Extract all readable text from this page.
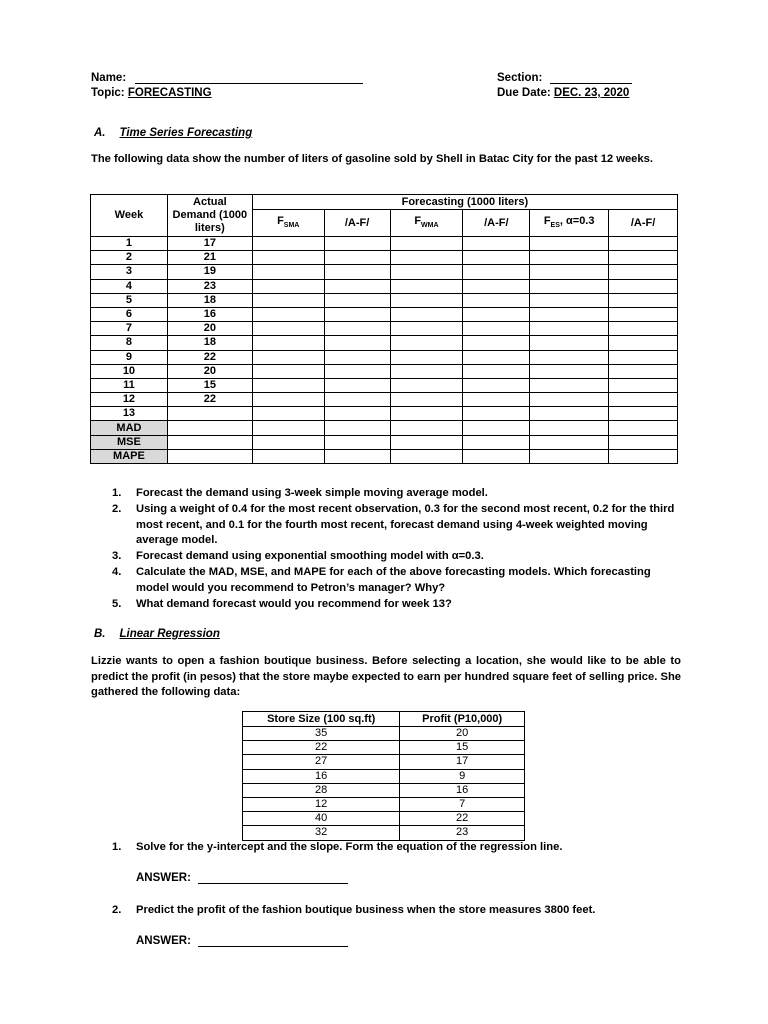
Name:
Topic: FORECASTING
Section:
Due Date: DEC. 23, 2020
A. Time Series Forecasting
The following data show the number of liters of gasoline sold by Shell in Batac City for the past 12 weeks.
Week	Actual Demand (1000 liters)	Forecasting (1000 liters)					
		$F_{SMA}$	/A-F/	$F_{WMA}$	/A-F/	$F_{ES}$, α=0.3	/A-F/
1	17						
2	21						
3	19						
4	23						
5	18						
6	16						
7	20						
8	18						
9	22						
10	20						
11	15						
12	22						
13							
MAD							
MSE							
MAPE							
1. Forecast the demand using 3-week simple moving average model.
2. Using a weight of 0.4 for the most recent observation, 0.3 for the second most recent, 0.2 for the third most recent, and 0.1 for the fourth most recent, forecast demand using 4-week weighted moving average model.
3. Forecast demand using exponential smoothing model with α=0.3.
4. Calculate the MAD, MSE, and MAPE for each of the above forecasting models. Which forecasting model would you recommend to Petron’s manager? Why?
5. What demand forecast would you recommend for week 13?
B. Linear Regression
Lizzie wants to open a fashion boutique business. Before selecting a location, she would like to be able to predict the profit (in pesos) that the store maybe expected to earn per hundred square feet of selling price. She gathered the following data:
Store Size (100 sq.ft)	Profit (P10,000)
35	20
22	15
27	17
16	9
28	16
12	7
40	22
32	23
1. Solve for the y-intercept and the slope. Form the equation of the regression line.
ANSWER:
2. Predict the profit of the fashion boutique business when the store measures 3800 feet.
ANSWER:
